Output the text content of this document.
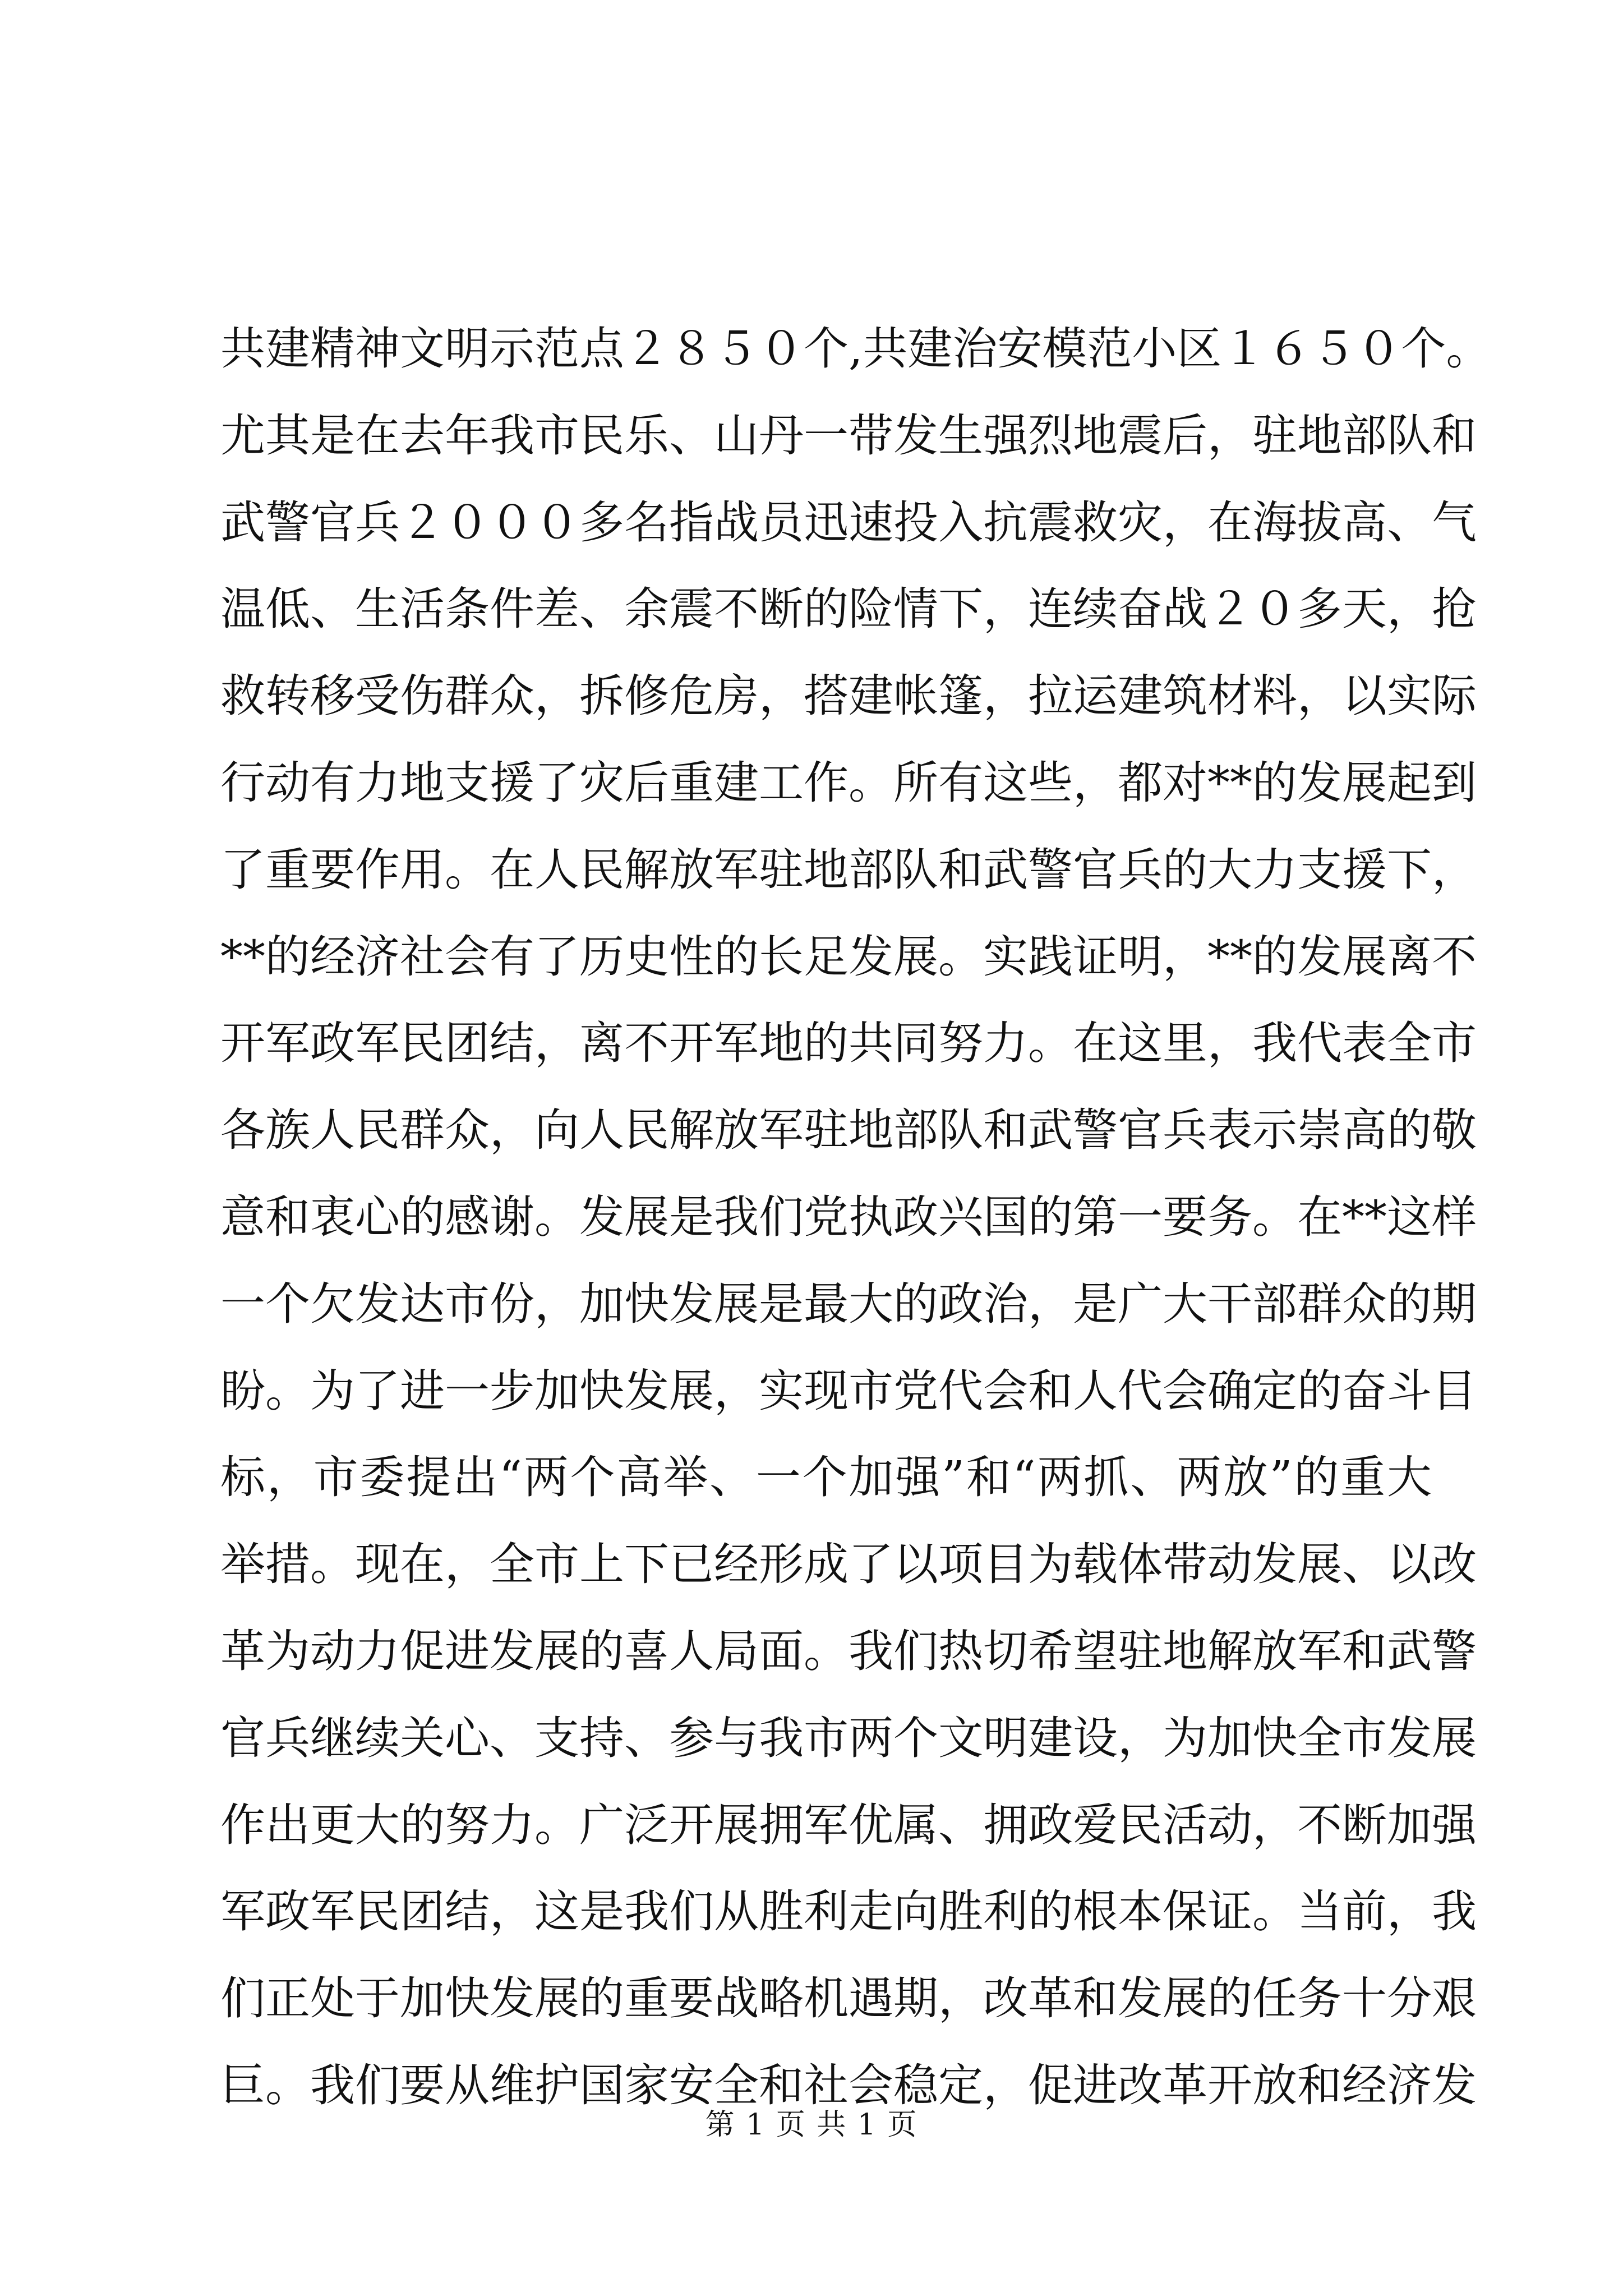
共建精神文明示范点２８５０个,共建治安模范小区１６５０个。
尤其是在去年我市民乐、山丹一带发生强烈地震后，驻地部队和
武警官兵２０００多名指战员迅速投入抗震救灾，在海拔高、气
温低、生活条件差、余震不断的险情下，连续奋战２０多天，抢
救转移受伤群众，拆修危房，搭建帐篷，拉运建筑材料，以实际
行动有力地支援了灾后重建工作。所有这些，都对**的发展起到
了重要作用。在人民解放军驻地部队和武警官兵的大力支援下，
**的经济社会有了历史性的长足发展。实践证明，**的发展离不
开军政军民团结，离不开军地的共同努力。在这里，我代表全市
各族人民群众，向人民解放军驻地部队和武警官兵表示崇高的敬
意和衷心的感谢。发展是我们党执政兴国的第一要务。在**这样
一个欠发达市份，加快发展是最大的政治，是广大干部群众的期
盼。为了进一步加快发展，实现市党代会和人代会确定的奋斗目
标，市委提出“两个高举、一个加强”和“两抓、两放”的重大
举措。现在，全市上下已经形成了以项目为载体带动发展、以改
革为动力促进发展的喜人局面。我们热切希望驻地解放军和武警
官兵继续关心、支持、参与我市两个文明建设，为加快全市发展
作出更大的努力。广泛开展拥军优属、拥政爱民活动，不断加强
军政军民团结，这是我们从胜利走向胜利的根本保证。当前，我
们正处于加快发展的重要战略机遇期，改革和发展的任务十分艰
巨。我们要从维护国家安全和社会稳定，促进改革开放和经济发
第 1 页 共 1 页
